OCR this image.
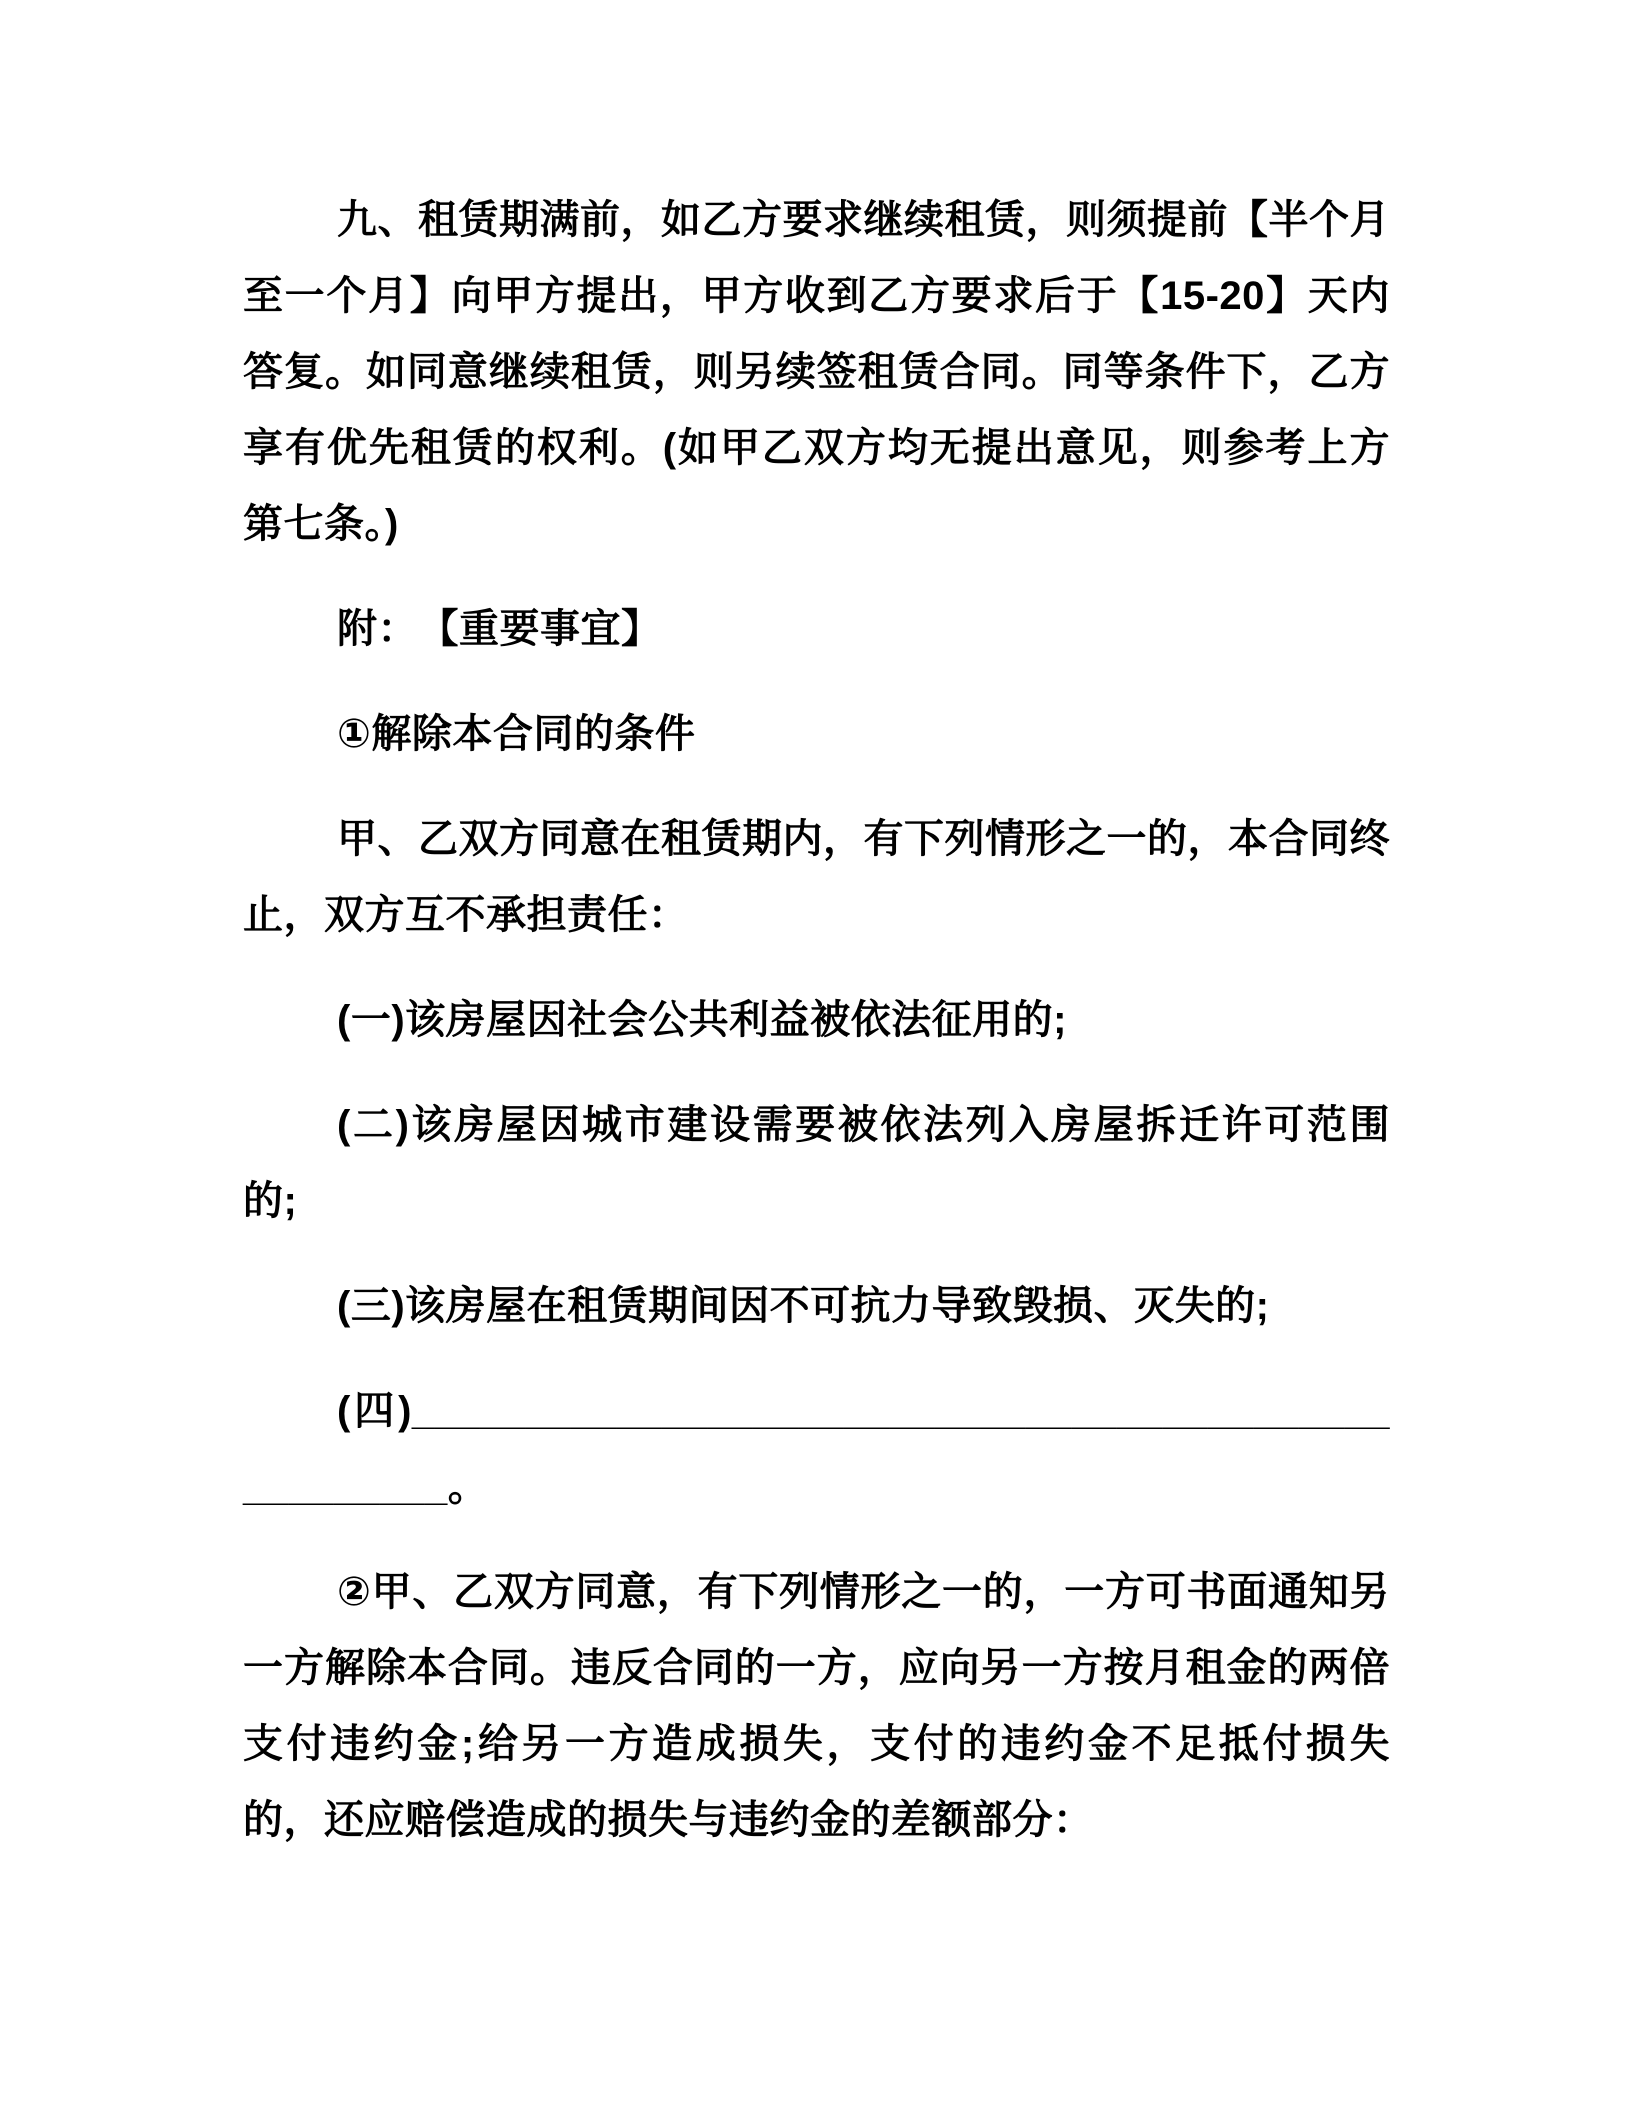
九、租赁期满前，如乙方要求继续租赁，则须提前【半个月至一个月】向甲方提出，甲方收到乙方要求后于【15-20】天内答复。如同意继续租赁，则另续签租赁合同。同等条件下，乙方享有优先租赁的权利。(如甲乙双方均无提出意见，则参考上方第七条。)

附：　【重要事宜】

①解除本合同的条件

甲、乙双方同意在租赁期内，有下列情形之一的，本合同终止，双方互不承担责任：

(一)该房屋因社会公共利益被依法征用的;

(二)该房屋因城市建设需要被依法列入房屋拆迁许可范围的;

(三)该房屋在租赁期间因不可抗力导致毁损、灭失的;

(四)____________________________________________________。

②甲、乙双方同意，有下列情形之一的，一方可书面通知另一方解除本合同。违反合同的一方，应向另一方按月租金的两倍支付违约金;给另一方造成损失，支付的违约金不足抵付损失的，还应赔偿造成的损失与违约金的差额部分：
